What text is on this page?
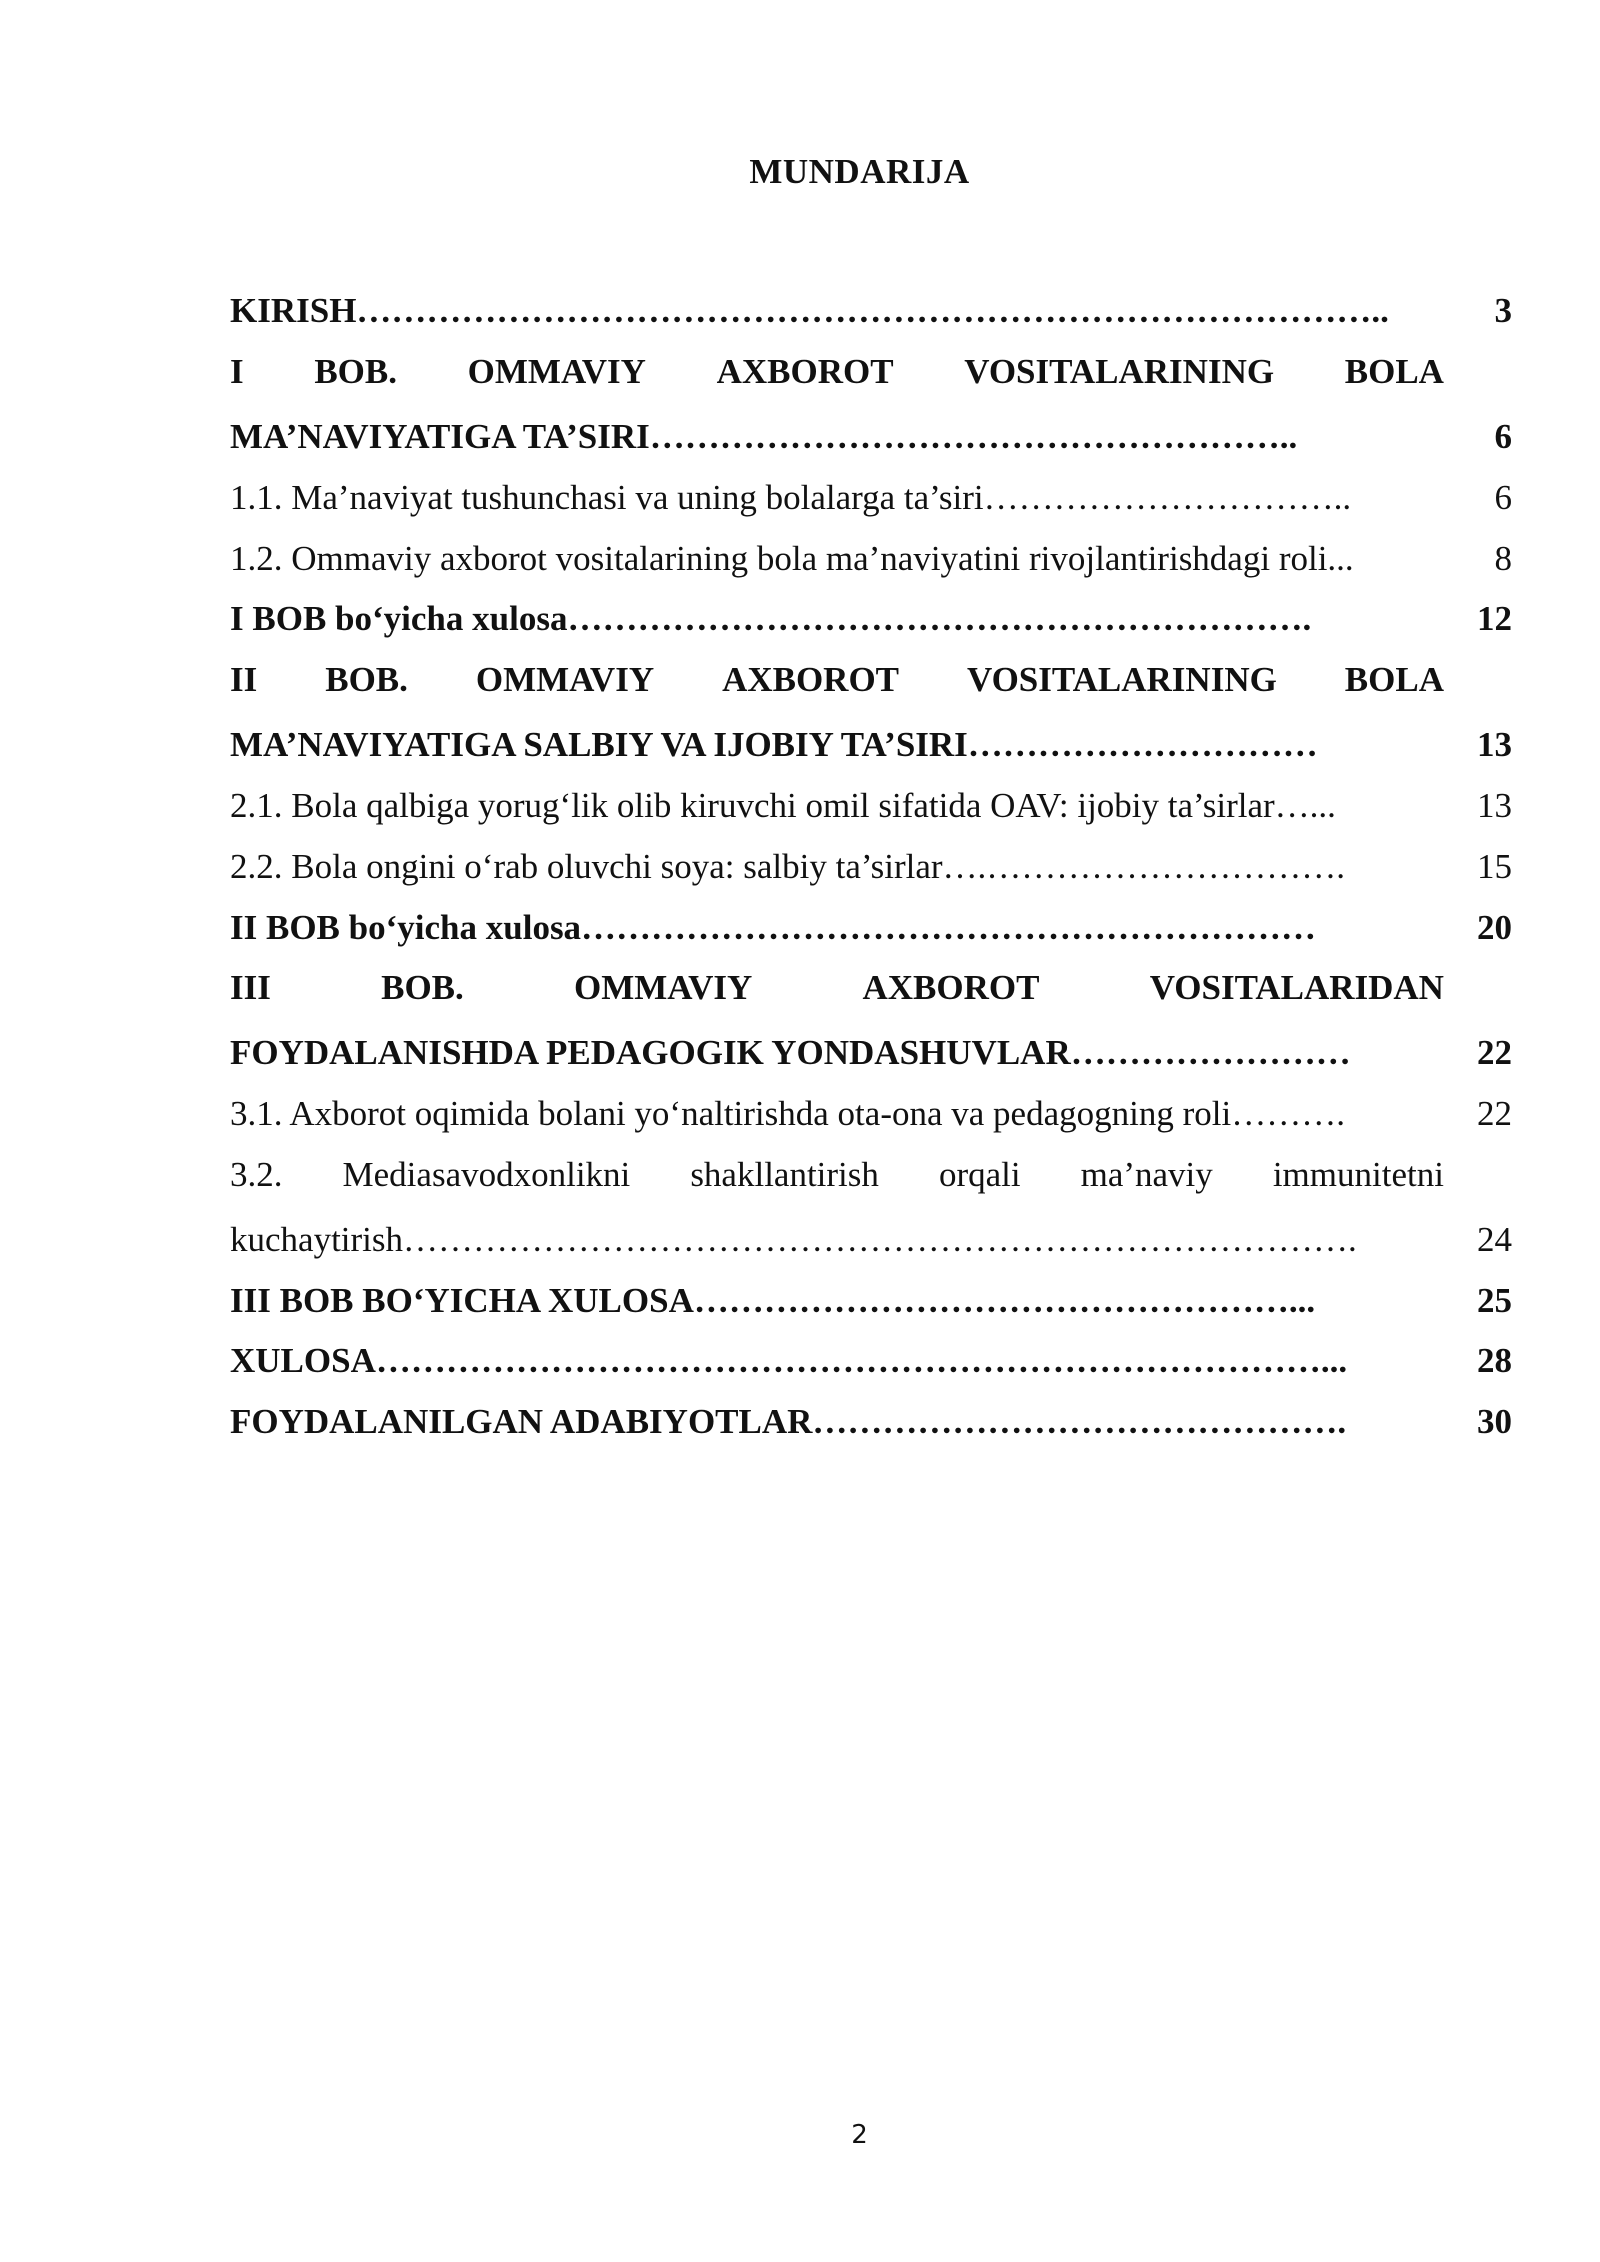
MUNDARIJA
KIRISH……………………………………………………………………………..	3
I BOB. OMMAVIY AXBOROT VOSITALARINING BOLA
MA’NAVIYATIGA TA’SIRI………………………………………………..	6
1.1. Ma’naviyat tushunchasi va uning bolalarga ta’siri…………………………..	6
1.2. Ommaviy axborot vositalarining bola ma’naviyatini rivojlantirishdagi roli...	8
I BOB bo‘yicha xulosa……………………………………………………….	12
II BOB. OMMAVIY AXBOROT VOSITALARINING BOLA
MA’NAVIYATIGA SALBIY VA IJOBIY TA’SIRI…………………………	13
2.1. Bola qalbiga yorug‘lik olib kiruvchi omil sifatida OAV: ijobiy ta’sirlar…...	13
2.2. Bola ongini o‘rab oluvchi soya: salbiy ta’sirlar….………………………….	15
II BOB bo‘yicha xulosa………………………………………………………	20
III	BOB.	OMMAVIY	AXBOROT	VOSITALARIDAN
FOYDALANISHDA PEDAGOGIK YONDASHUVLAR……………………	22
3.1. Axborot oqimida bolani yo‘naltirishda ota-ona va pedagogning roli……….	22
3.2. Mediasavodxonlikni shakllantirish orqali ma’naviy immunitetni
kuchaytirish……………………………………………………………………….	24
III BOB BO‘YICHA XULOSA……………………………………………...	25
XULOSA………………………………………………………………………...	28
FOYDALANILGAN ADABIYOTLAR……………………………………….	30
2
